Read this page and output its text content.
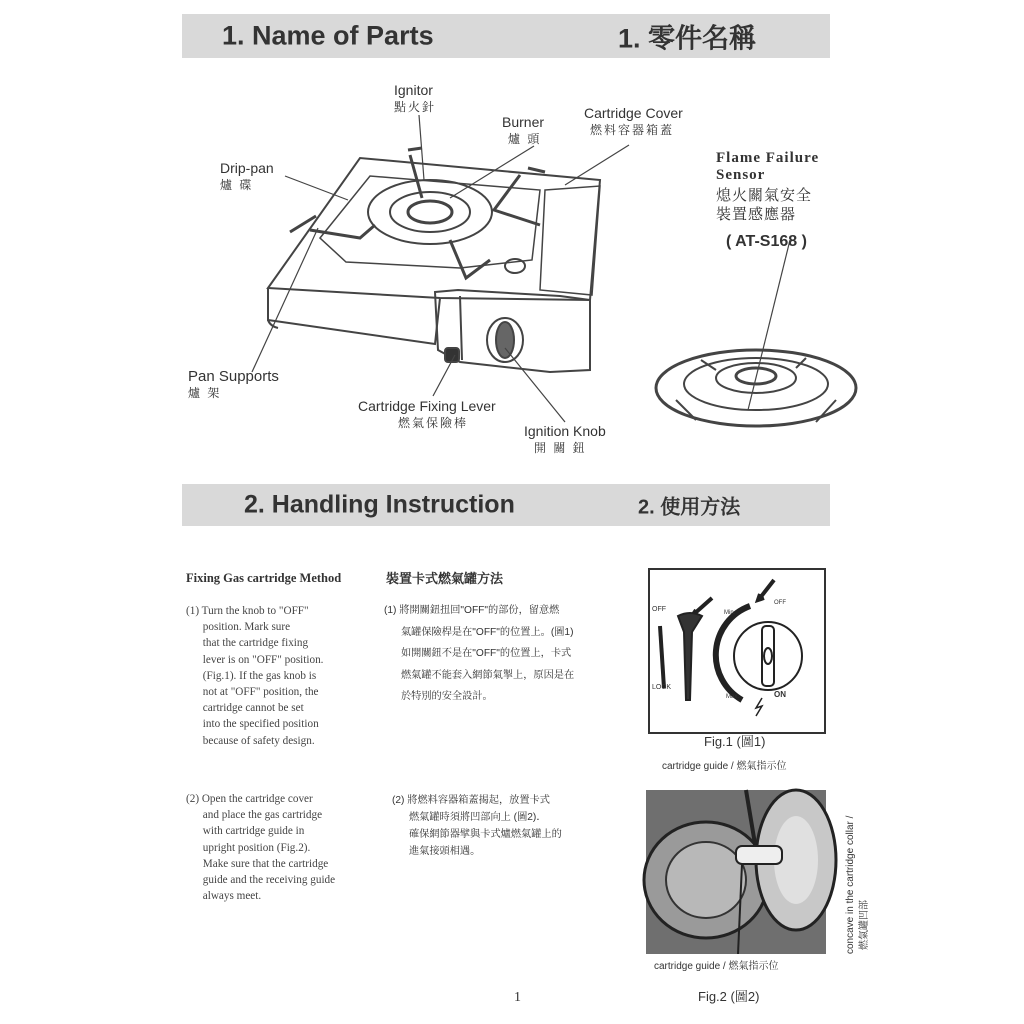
1. Name of Parts	1. 零件名稱
Ignitor
點火針
Burner
爐 頭
Cartridge Cover
燃料容器箱蓋
Drip-pan
爐 碟
Pan Supports
爐 架
Cartridge Fixing Lever
燃氣保險棒	Ignition Knob
開 關 鈕
Flame Failure
Sensor
熄火關氣安全
裝置感應器
( AT-S168 )
2. Handling Instruction	2. 使用方法
Fixing Gas cartridge Method	裝置卡式燃氣罐方法
(1) Turn the knob to "OFF"
position. Mark sure
that the cartridge fixing
lever is on "OFF" position.
(Fig.1). If the gas knob is
not at "OFF" position, the
cartridge cannot be set
into the specified position
because of safety design.
(1) 將開關鈕扭回"OFF"的部份，留意燃
氣罐保險桿是在"OFF"的位置上。(圖1)
如開關鈕不是在"OFF"的位置上，卡式
燃氣罐不能套入網節氣掣上，原因是在
於特別的安全設計。
OFF
LOCK
Min.
OFF
Max.	ON
Fig.1 (圖1)
(2) Open the cartridge cover
and place the gas cartridge
with cartridge guide in
upright position (Fig.2).
Make sure that the cartridge
guide and the receiving guide
always meet.
(2) 將燃料容器箱蓋揭起，放置卡式
燃氣罐時須將凹部向上 (圖2)．
確保網節器擘與卡式爐燃氣罐上的
進氣接頭相遇。
cartridge guide / 燃氣指示位
cartridge guide / 燃氣指示位
concave in the cartridge collar / 燃氣罐凹部
Fig.2 (圖2)
1
